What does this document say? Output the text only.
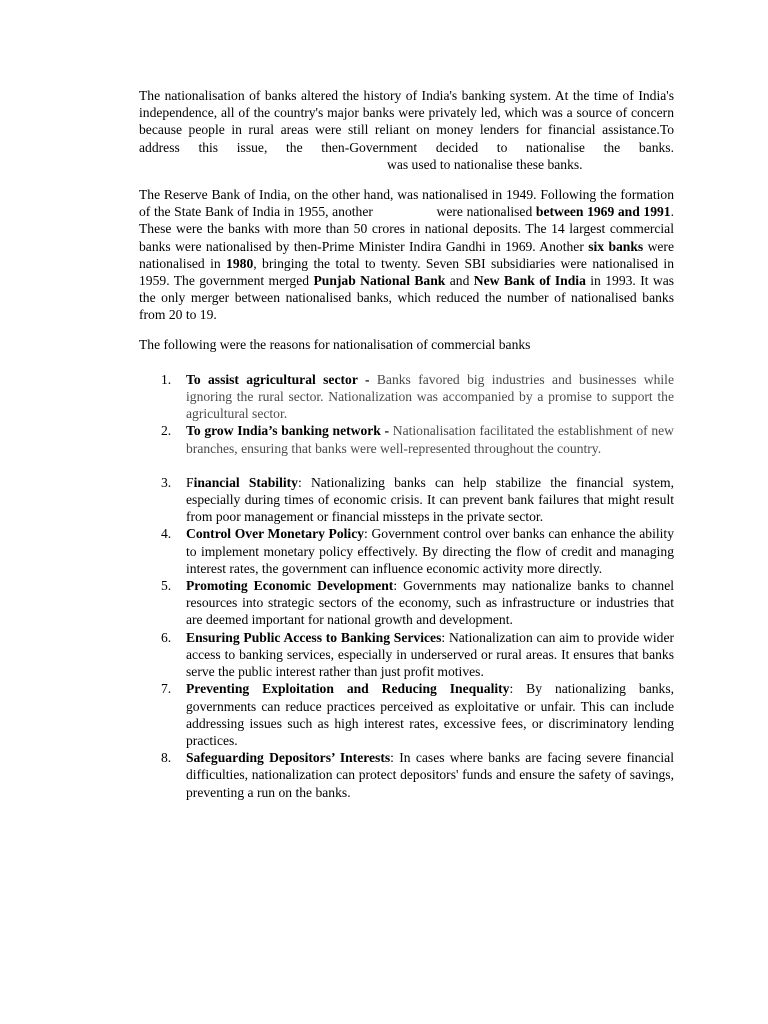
The nationalisation of banks altered the history of India's banking system. At the time of India's independence, all of the country's major banks were privately led, which was a source of concern because people in rural areas were still reliant on money lenders for financial assistance.To address this issue, the then-Government decided to nationalise the banks.was used to nationalise these banks.

The Reserve Bank of India, on the other hand, was nationalised in 1949. Following the formation of the State Bank of India in 1955, another	were nationalised between 1969 and 1991. These were the banks with more than 50 crores in national deposits. The 14 largest commercial banks were nationalised by then-Prime Minister Indira Gandhi in 1969. Another six banks were nationalised in 1980, bringing the total to twenty. Seven SBI subsidiaries were nationalised in 1959. The government merged Punjab National Bank and New Bank of India in 1993. It was the only merger between nationalised banks, which reduced the number of nationalised banks from 20 to 19.

The following were the reasons for nationalisation of commercial banks

1. To assist agricultural sector - Banks favored big industries and businesses while ignoring the rural sector. Nationalization was accompanied by a promise to support the agricultural sector.
2. To grow India’s banking network - Nationalisation facilitated the establishment of new branches, ensuring that banks were well-represented throughout the country.
3. Financial Stability: Nationalizing banks can help stabilize the financial system, especially during times of economic crisis. It can prevent bank failures that might result from poor management or financial missteps in the private sector.
4. Control Over Monetary Policy: Government control over banks can enhance the ability to implement monetary policy effectively. By directing the flow of credit and managing interest rates, the government can influence economic activity more directly.
5. Promoting Economic Development: Governments may nationalize banks to channel resources into strategic sectors of the economy, such as infrastructure or industries that are deemed important for national growth and development.
6. Ensuring Public Access to Banking Services: Nationalization can aim to provide wider access to banking services, especially in underserved or rural areas. It ensures that banks serve the public interest rather than just profit motives.
7. Preventing Exploitation and Reducing Inequality: By nationalizing banks, governments can reduce practices perceived as exploitative or unfair. This can include addressing issues such as high interest rates, excessive fees, or discriminatory lending practices.
8. Safeguarding Depositors’ Interests: In cases where banks are facing severe financial difficulties, nationalization can protect depositors' funds and ensure the safety of savings, preventing a run on the banks.
